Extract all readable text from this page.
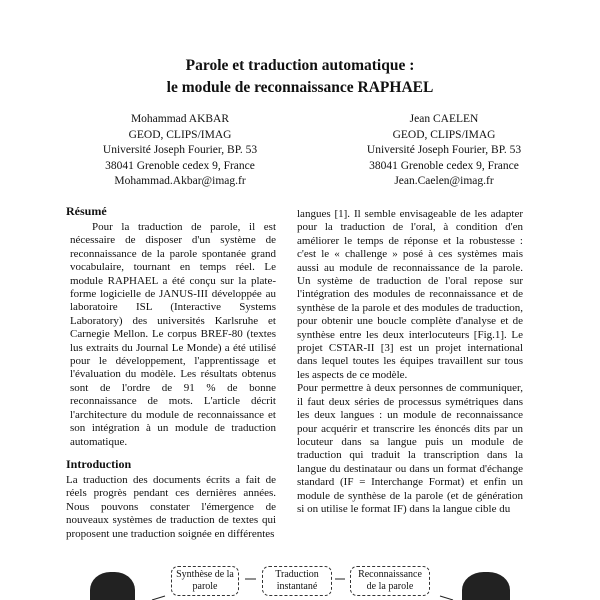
Parole et traduction automatique :
le module de reconnaissance RAPHAEL
Mohammad AKBAR
GEOD, CLIPS/IMAG
Université Joseph Fourier, BP. 53
38041 Grenoble cedex 9, France
Mohammad.Akbar@imag.fr
Jean CAELEN
GEOD, CLIPS/IMAG
Université Joseph Fourier, BP. 53
38041 Grenoble cedex 9, France
Jean.Caelen@imag.fr
Résumé
Pour la traduction de parole, il est nécessaire de disposer d'un système de reconnaissance de la parole spontanée grand vocabulaire, tournant en temps réel. Le module RAPHAEL a été conçu sur la plate-forme logicielle de JANUS-III développée au laboratoire ISL (Interactive Systems Laboratory) des universités Karlsruhe et Carnegie Mellon. Le corpus BREF-80 (textes lus extraits du Journal Le Monde) a été utilisé pour le développement, l'apprentissage et l'évaluation du modèle. Les résultats obtenus sont de l'ordre de 91 % de bonne reconnaissance de mots. L'article décrit l'architecture du module de reconnaissance et son intégration à un module de traduction automatique.
Introduction
La traduction des documents écrits a fait de réels progrès pendant ces dernières années. Nous pouvons constater l'émergence de nouveaux systèmes de traduction de textes qui proposent une traduction soignée en différentes

langues [1]. Il semble envisageable de les adapter pour la traduction de l'oral, à condition d'en améliorer le temps de réponse et la robustesse : c'est le « challenge » posé à ces systèmes mais aussi au module de reconnaissance de la parole. Un système de traduction de l'oral repose sur l'intégration des modules de reconnaissance et de synthèse de la parole et des modules de traduction, pour obtenir une boucle complète d'analyse et de synthèse entre les deux interlocuteurs [Fig.1]. Le projet CSTAR-II [3] est un projet international dans lequel toutes les équipes travaillent sur tous les aspects de ce modèle.

Pour permettre à deux personnes de communiquer, il faut deux séries de processus symétriques dans les deux langues : un module de reconnaissance pour acquérir et transcrire les énoncés dits par un locuteur dans sa langue puis un module de traduction qui traduit la transcription dans la langue du destinataur ou dans un format d'échange standard (IF = Interchange Format) et enfin un module de synthèse de la parole (et de génération si on utilise le format IF) dans la langue cible du

Synthèse de la parole
Traduction instantané
Reconnaissance de la parole
